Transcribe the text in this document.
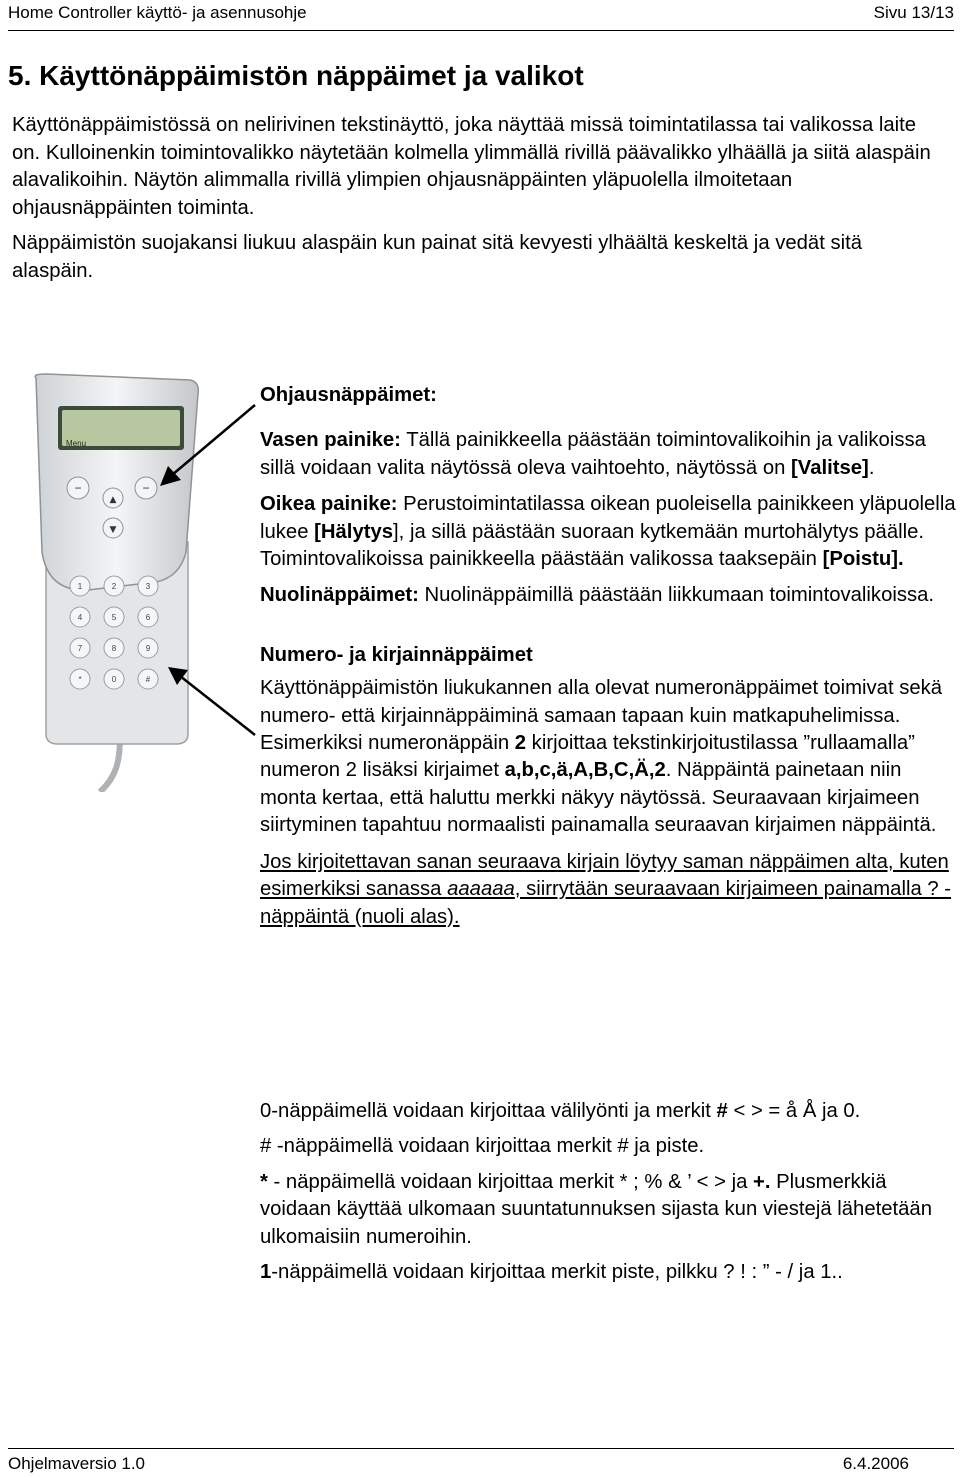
Home Controller käyttö- ja asennusohje	Sivu 13/13
5. Käyttönäppäimistön näppäimet ja valikot

Käyttönäppäimistössä on nelirivinen tekstinäyttö, joka näyttää missä toimintatilassa tai valikossa laite on. Kulloinenkin toimintovalikko näytetään kolmella ylimmällä rivillä päävalikko ylhäällä ja siitä alaspäin alavalikoihin. Näytön alimmalla rivillä ylimpien ohjausnäppäinten yläpuolella ilmoitetaan ohjausnäppäinten toiminta.

Näppäimistön suojakansi liukuu alaspäin kun painat sitä kevyesti ylhäältä keskeltä ja vedät sitä alaspäin.

Menu
−	−
▲
▼
1	2	3
4	5	6
7	8	9
*	0	#

Ohjausnäppäimet:

Vasen painike: Tällä painikkeella päästään toimintovalikoihin ja valikoissa sillä voidaan valita näytössä oleva vaihtoehto, näytössä on [Valitse].

Oikea painike: Perustoimintatilassa oikean puoleisella painikkeen yläpuolella lukee [Hälytys], ja sillä päästään suoraan kytkemään murtohälytys päälle. Toimintovalikoissa painikkeella päästään valikossa taaksepäin [Poistu].

Nuolinäppäimet: Nuolinäppäimillä päästään liikkumaan toimintovalikoissa.

Numero- ja kirjainnäppäimet

Käyttönäppäimistön liukukannen alla olevat numeronäppäimet toimivat sekä numero- että kirjainnäppäiminä samaan tapaan kuin matkapuhelimissa. Esimerkiksi numeronäppäin 2 kirjoittaa tekstinkirjoitustilassa ”rullaamalla” numeron 2 lisäksi kirjaimet a,b,c,ä,A,B,C,Ä,2. Näppäintä painetaan niin monta kertaa, että haluttu merkki näkyy näytössä. Seuraavaan kirjaimeen siirtyminen tapahtuu normaalisti painamalla seuraavan kirjaimen näppäintä.

Jos kirjoitettavan sanan seuraava kirjain löytyy saman näppäimen alta, kuten esimerkiksi sanassa aaaaaa, siirrytään seuraavaan kirjaimeen painamalla ? -näppäintä (nuoli alas).

0-näppäimellä voidaan kirjoittaa välilyönti ja merkit # < > = å Å ja 0.

# -näppäimellä voidaan kirjoittaa merkit # ja piste.

* - näppäimellä voidaan kirjoittaa merkit * ; % & ’ < > ja +. Plusmerkkiä voidaan käyttää ulkomaan suuntatunnuksen sijasta kun viestejä lähetetään ulkomaisiin numeroihin.

1-näppäimellä voidaan kirjoittaa merkit piste, pilkku ? ! : ” - / ja 1..

Ohjelmaversio 1.0	6.4.2006
